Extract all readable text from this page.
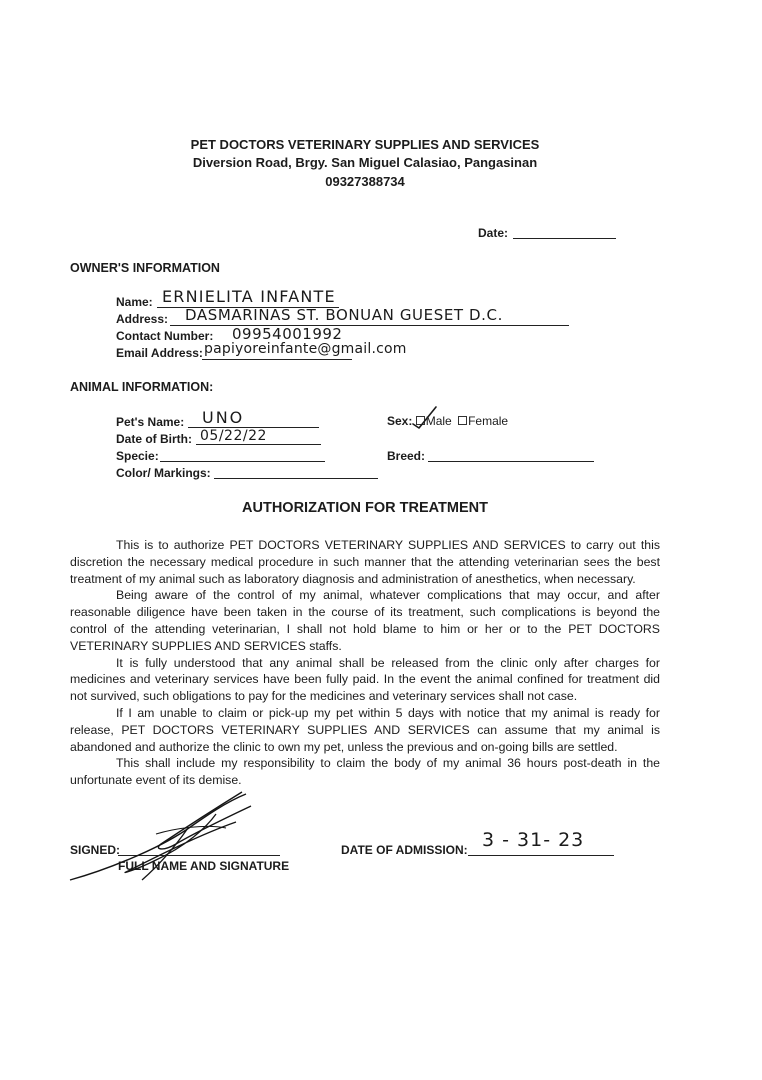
PET DOCTORS VETERINARY SUPPLIES AND SERVICES
Diversion Road, Brgy. San Miguel Calasiao, Pangasinan
09327388734
Date:
OWNER'S INFORMATION
Name: ERNIELITA INFANTE
Address: DASMARINAS ST. BONUAN GUESET D.C.
Contact Number: 09954001992
Email Address: papiyoreinfante@gmail.com
ANIMAL INFORMATION:
Pet's Name: UNO
Date of Birth: 05/22/22
Specie:
Color/ Markings:
Sex: Male Female
Breed:
AUTHORIZATION FOR TREATMENT

This is to authorize PET DOCTORS VETERINARY SUPPLIES AND SERVICES to carry out this discretion the necessary medical procedure in such manner that the attending veterinarian sees the best treatment of my animal such as laboratory diagnosis and administration of anesthetics, when necessary.

Being aware of the control of my animal, whatever complications that may occur, and after reasonable diligence have been taken in the course of its treatment, such complications is beyond the control of the attending veterinarian, I shall not hold blame to him or her or to the PET DOCTORS VETERINARY SUPPLIES AND SERVICES staffs.

It is fully understood that any animal shall be released from the clinic only after charges for medicines and veterinary services have been fully paid. In the event the animal confined for treatment did not survived, such obligations to pay for the medicines and veterinary services shall not case.

If I am unable to claim or pick-up my pet within 5 days with notice that my animal is ready for release, PET DOCTORS VETERINARY SUPPLIES AND SERVICES can assume that my animal is abandoned and authorize the clinic to own my pet, unless the previous and on-going bills are settled.

This shall include my responsibility to claim the body of my animal 36 hours post-death in the unfortunate event of its demise.

SIGNED:
FULL NAME AND SIGNATURE
DATE OF ADMISSION: 3 - 31- 23
